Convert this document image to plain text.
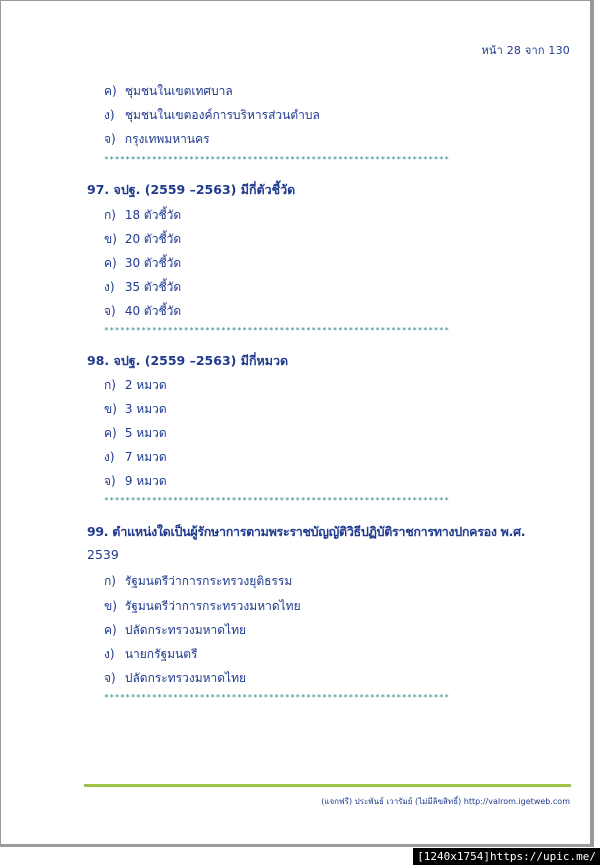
หน้า 28 จาก 130
ค) ชุมชนในเขตเทศบาล
ง) ชุมชนในเขตองค์การบริหารส่วนตำบล
จ) กรุงเทพมหานคร
*****************************************************************
97. จปฐ. (2559 –2563) มีกี่ตัวชี้วัด
ก) 18 ตัวชี้วัด
ข) 20 ตัวชี้วัด
ค) 30 ตัวชี้วัด
ง) 35 ตัวชี้วัด
จ) 40 ตัวชี้วัด
*****************************************************************
98. จปฐ. (2559 –2563) มีกี่หมวด
ก) 2 หมวด
ข) 3 หมวด
ค) 5 หมวด
ง) 7 หมวด
จ) 9 หมวด
*****************************************************************
99. ตำแหน่งใดเป็นผู้รักษาการตามพระราชบัญญัติวิธีปฏิบัติราชการทางปกครอง พ.ศ.
2539
ก) รัฐมนตรีว่าการกระทรวงยุติธรรม
ข) รัฐมนตรีว่าการกระทรวงมหาดไทย
ค) ปลัดกระทรวงมหาดไทย
ง) นายกรัฐมนตรี
จ) ปลัดกระทรวงมหาดไทย
*****************************************************************
(แจกฟรี) ประพันธ์ เวารัมย์ (ไม่มีลิขสิทธิ์) http://valrom.igetweb.com
[1240x1754]https://upic.me/
